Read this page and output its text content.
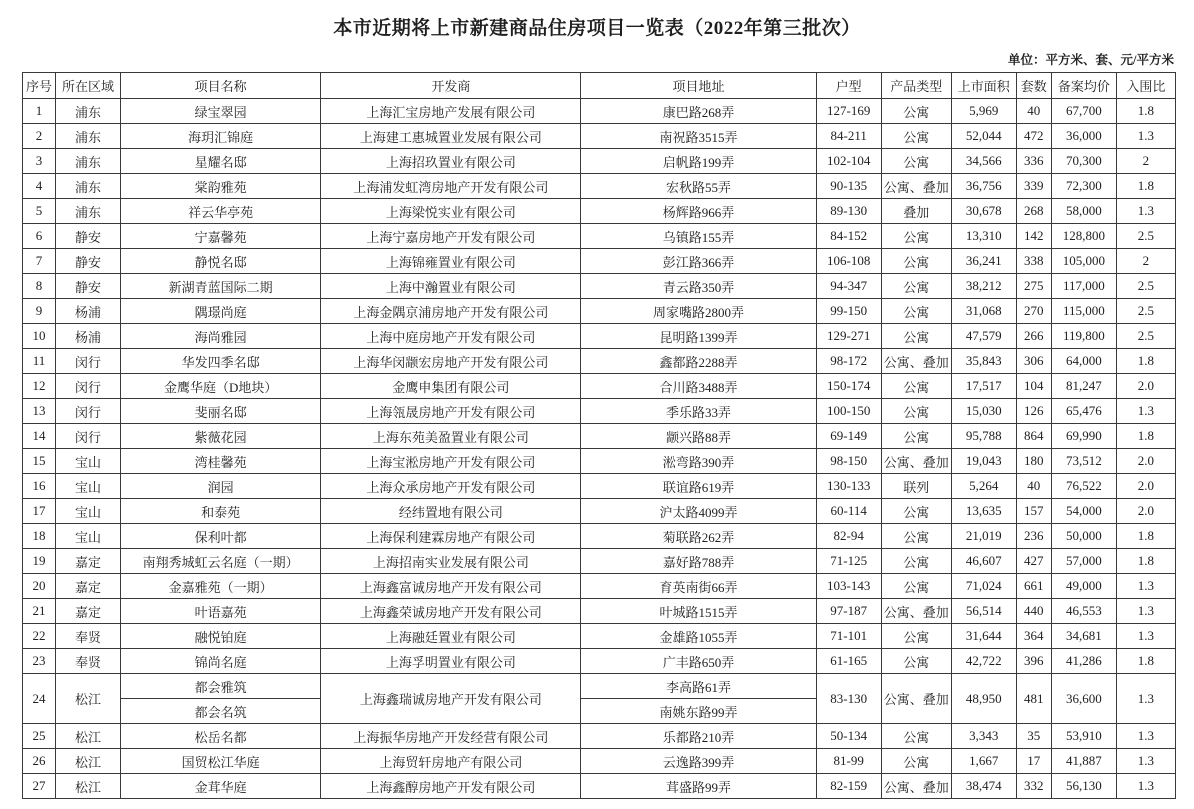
本市近期将上市新建商品住房项目一览表（2022年第三批次）
单位：平方米、套、元/平方米
序号	所在区域	项目名称	开发商	项目地址	户型	产品类型	上市面积	套数	备案均价	入围比
1	浦东	绿宝翠园	上海汇宝房地产发展有限公司	康巴路268弄	127-169	公寓	5,969	40	67,700	1.8
2	浦东	海玥汇锦庭	上海建工惠城置业发展有限公司	南祝路3515弄	84-211	公寓	52,044	472	36,000	1.3
3	浦东	星耀名邸	上海招玖置业有限公司	启帆路199弄	102-104	公寓	34,566	336	70,300	2
4	浦东	棠韵雅苑	上海浦发虹湾房地产开发有限公司	宏秋路55弄	90-135	公寓、叠加	36,756	339	72,300	1.8
5	浦东	祥云华亭苑	上海梁悦实业有限公司	杨辉路966弄	89-130	叠加	30,678	268	58,000	1.3
6	静安	宁嘉馨苑	上海宁嘉房地产开发有限公司	乌镇路155弄	84-152	公寓	13,310	142	128,800	2.5
7	静安	静悦名邸	上海锦雍置业有限公司	彭江路366弄	106-108	公寓	36,241	338	105,000	2
8	静安	新湖青蓝国际二期	上海中瀚置业有限公司	青云路350弄	94-347	公寓	38,212	275	117,000	2.5
9	杨浦	隅璟尚庭	上海金隅京浦房地产开发有限公司	周家嘴路2800弄	99-150	公寓	31,068	270	115,000	2.5
10	杨浦	海尚雅园	上海中庭房地产开发有限公司	昆明路1399弄	129-271	公寓	47,579	266	119,800	2.5
11	闵行	华发四季名邸	上海华闵颛宏房地产开发有限公司	鑫都路2288弄	98-172	公寓、叠加	35,843	306	64,000	1.8
12	闵行	金鹰华庭（D地块）	金鹰申集团有限公司	合川路3488弄	150-174	公寓	17,517	104	81,247	2.0
13	闵行	斐丽名邸	上海瓴晟房地产开发有限公司	季乐路33弄	100-150	公寓	15,030	126	65,476	1.3
14	闵行	紫薇花园	上海东苑美盈置业有限公司	颛兴路88弄	69-149	公寓	95,788	864	69,990	1.8
15	宝山	湾桂馨苑	上海宝淞房地产开发有限公司	淞弯路390弄	98-150	公寓、叠加	19,043	180	73,512	2.0
16	宝山	润园	上海众承房地产开发有限公司	联谊路619弄	130-133	联列	5,264	40	76,522	2.0
17	宝山	和泰苑	经纬置地有限公司	沪太路4099弄	60-114	公寓	13,635	157	54,000	2.0
18	宝山	保利叶都	上海保利建霖房地产有限公司	菊联路262弄	82-94	公寓	21,019	236	50,000	1.8
19	嘉定	南翔秀城虹云名庭（一期）	上海招南实业发展有限公司	嘉好路788弄	71-125	公寓	46,607	427	57,000	1.8
20	嘉定	金嘉雅苑（一期）	上海鑫富诚房地产开发有限公司	育英南街66弄	103-143	公寓	71,024	661	49,000	1.3
21	嘉定	叶语嘉苑	上海鑫荣诚房地产开发有限公司	叶城路1515弄	97-187	公寓、叠加	56,514	440	46,553	1.3
22	奉贤	融悦铂庭	上海融廷置业有限公司	金雄路1055弄	71-101	公寓	31,644	364	34,681	1.3
23	奉贤	锦尚名庭	上海孚明置业有限公司	广丰路650弄	61-165	公寓	42,722	396	41,286	1.8
24	松江	都会雅筑	上海鑫瑞诚房地产开发有限公司	李高路61弄	83-130	公寓、叠加	48,950	481	36,600	1.3
		都会名筑		南姚东路99弄						
25	松江	松岳名都	上海振华房地产开发经营有限公司	乐都路210弄	50-134	公寓	3,343	35	53,910	1.3
26	松江	国贸松江华庭	上海贸轩房地产有限公司	云逸路399弄	81-99	公寓	1,667	17	41,887	1.3
27	松江	金茸华庭	上海鑫醇房地产开发有限公司	茸盛路99弄	82-159	公寓、叠加	38,474	332	56,130	1.3
